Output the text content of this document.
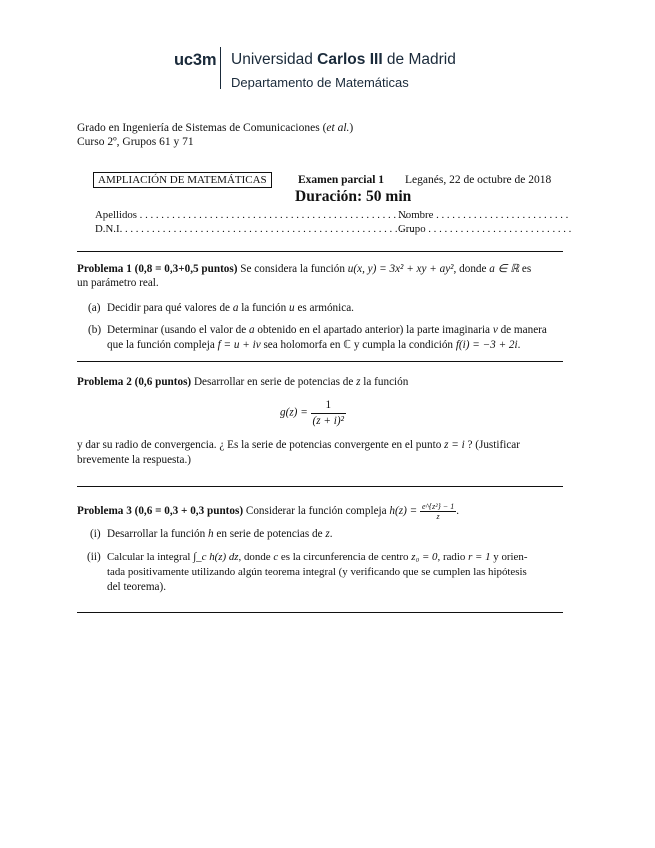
uc3m Universidad Carlos III de Madrid
Departamento de Matemáticas
Grado en Ingeniería de Sistemas de Comunicaciones (et al.)
Curso 2º, Grupos 61 y 71
AMPLIACIÓN DE MATEMÁTICAS	Examen parcial 1 Leganés, 22 de octubre de 2018
Duración: 50 min
Apellidos . . . . . . . . . . . . . . . . . . . . . . . . . . . . . . . . . . . . . . . . . . . . . . . . . .
Nombre . . . . . . . . . . . . . . . . . . . . . . . . .
D.N.I. . . . . . . . . . . . . . . . . . . . . . . . . . . . . . . . . . . . . . . . . . . . . . . . . . . . . . .
Grupo . . . . . . . . . . . . . . . . . . . . . . . . . . .
Problema 1 (0,8 = 0,3+0,5 puntos) Se considera la función u(x, y) = 3x² + xy + ay², donde a ∈ ℝ es
un parámetro real.
(a) Decidir para qué valores de a la función u es armónica.
(b) Determinar (usando el valor de a obtenido en el apartado anterior) la parte imaginaria v de manera
que la función compleja f = u + iv sea holomorfa en ℂ y cumpla la condición f(i) = −3 + 2i.
Problema 2 (0,6 puntos) Desarrollar en serie de potencias de z la función
$g(z) = \frac{1}{\text{(z + i)²}}$
y dar su radio de convergencia. ¿ Es la serie de potencias convergente en el punto z = i ? (Justificar
brevemente la respuesta.)
Problema 3 (0,6 = 0,3 + 0,3 puntos) Considerar la función compleja $h(z) = \frac{\text{e\textasciicircum{}\{z²\} − 1}}{z}$ .
(i) Desarrollar la función h en serie de potencias de z.
(ii) Calcular la integral ∫_c h(z) dz, donde c es la circunferencia de centro z₀ = 0, radio r = 1 y orien-
tada positivamente utilizando algún teorema integral (y verificando que se cumplen las hipótesis
del teorema).
